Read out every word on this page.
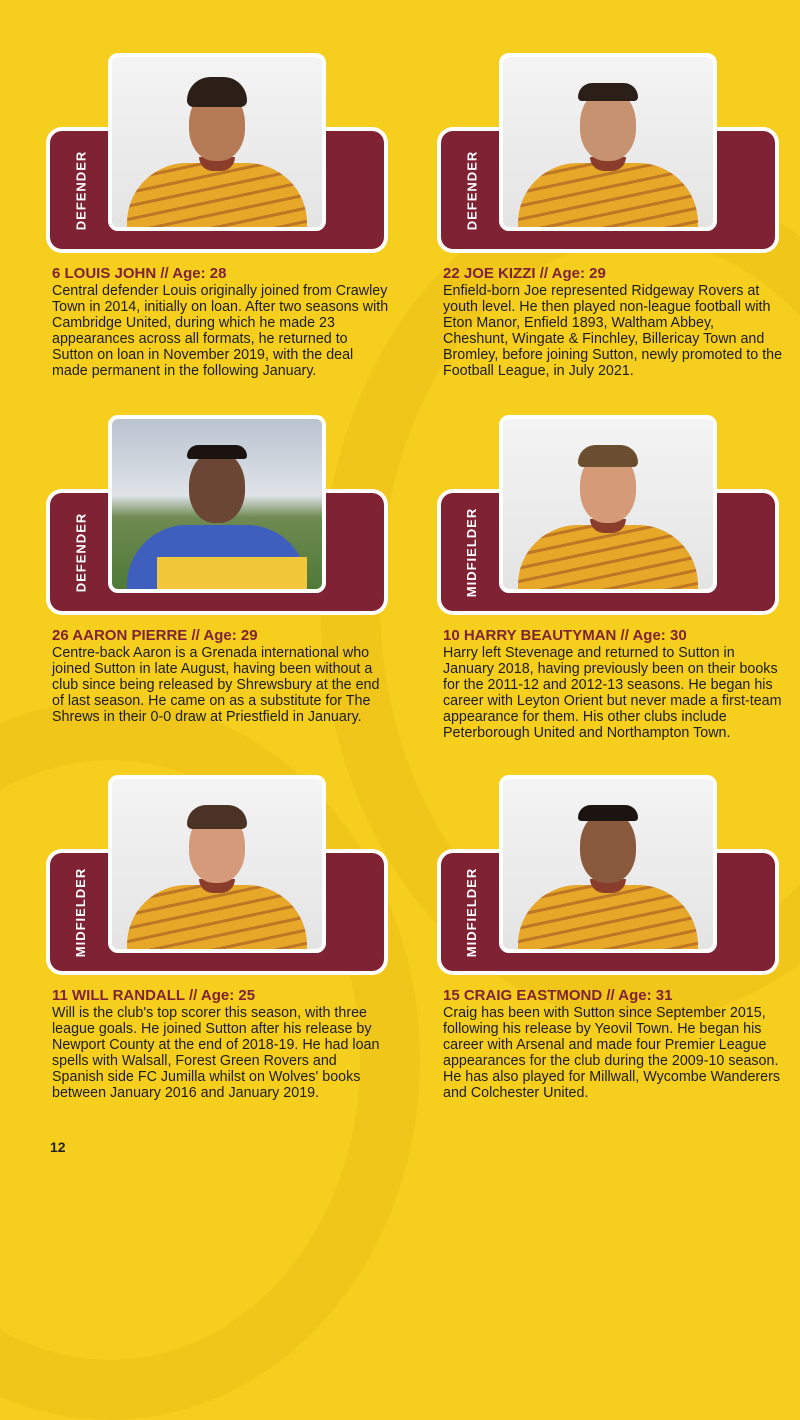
DEFENDER
6 LOUIS JOHN // Age: 28

Central defender Louis originally joined from Crawley Town in 2014, initially on loan. After two seasons with Cambridge United, during which he made 23 appearances across all formats, he returned to Sutton on loan in November 2019, with the deal made permanent in the following January.

DEFENDER
22 JOE KIZZI // Age: 29

Enfield-born Joe represented Ridgeway Rovers at youth level. He then played non-league football with Eton Manor, Enfield 1893, Waltham Abbey, Cheshunt, Wingate & Finchley, Billericay Town and Bromley, before joining Sutton, newly promoted to the Football League, in July 2021.

DEFENDER
26 AARON PIERRE // Age: 29

Centre-back Aaron is a Grenada international who joined Sutton in late August, having been without a club since being released by Shrewsbury at the end of last season. He came on as a substitute for The Shrews in their 0-0 draw at Priestfield in January.

MIDFIELDER
10 HARRY BEAUTYMAN // Age: 30

Harry left Stevenage and returned to Sutton in January 2018, having previously been on their books for the 2011-12 and 2012-13 seasons. He began his career with Leyton Orient but never made a first-team appearance for them. His other clubs include Peterborough United and Northampton Town.

MIDFIELDER
11 WILL RANDALL // Age: 25

Will is the club's top scorer this season, with three league goals. He joined Sutton after his release by Newport County at the end of 2018-19. He had loan spells with Walsall, Forest Green Rovers and Spanish side FC Jumilla whilst on Wolves' books between January 2016 and January 2019.

MIDFIELDER
15 CRAIG EASTMOND // Age: 31

Craig has been with Sutton since September 2015, following his release by Yeovil Town. He began his career with Arsenal and made four Premier League appearances for the club during the 2009-10 season. He has also played for Millwall, Wycombe Wanderers and Colchester United.

12
